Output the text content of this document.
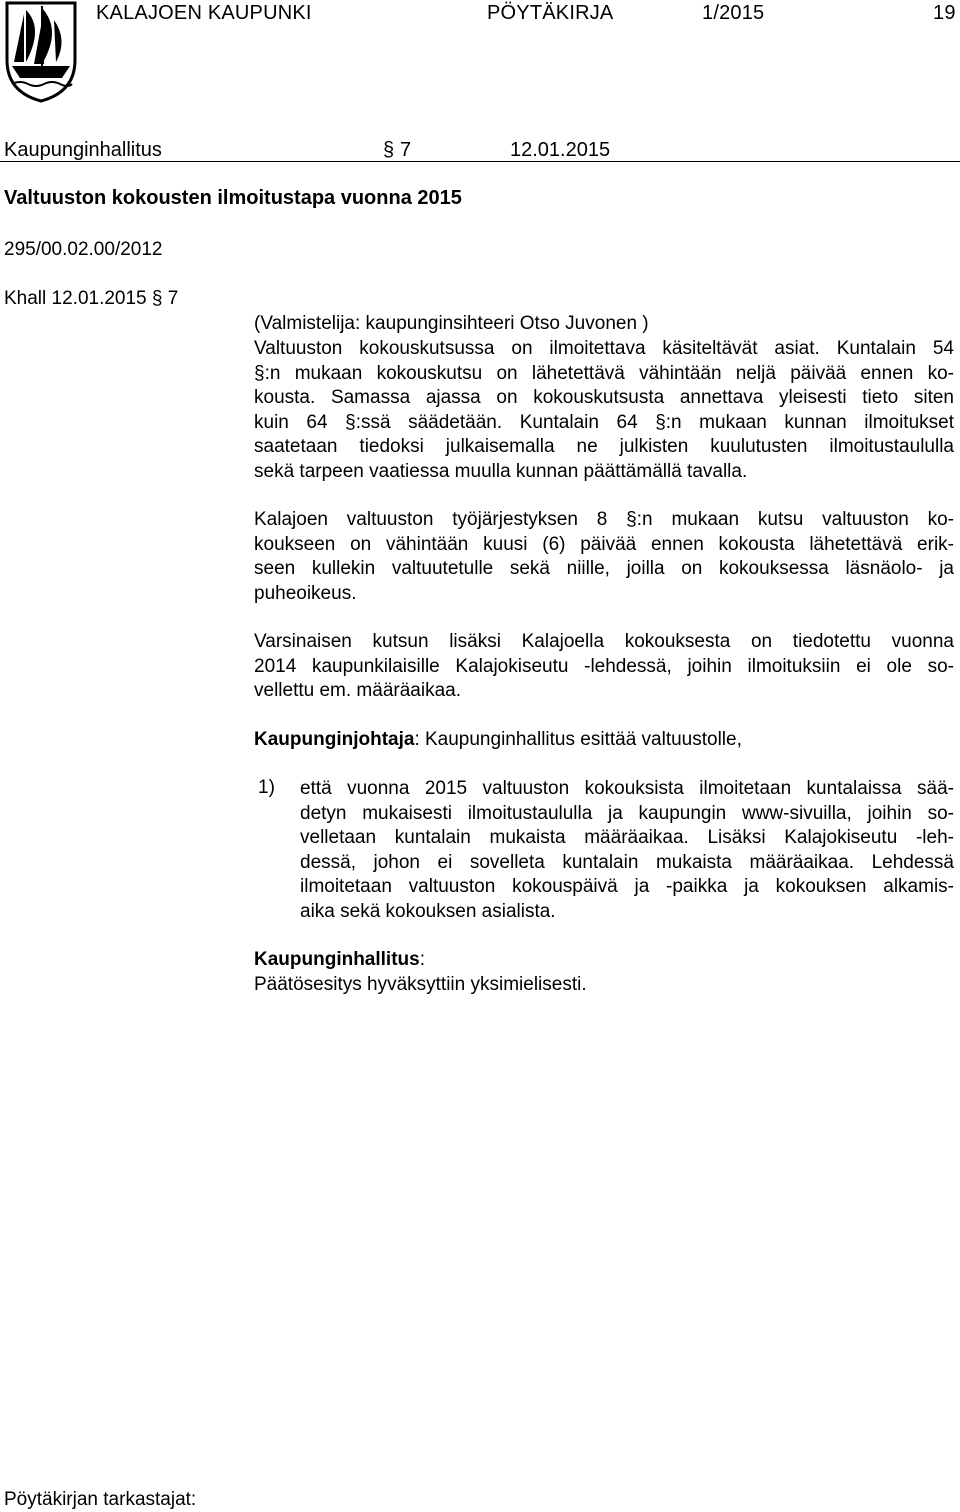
KALAJOEN KAUPUNKI	PÖYTÄKIRJA	1/2015	19
Kaupunginhallitus	§ 7	12.01.2015
Valtuuston kokousten ilmoitustapa vuonna 2015
295/00.02.00/2012
Khall 12.01.2015 § 7
(Valmistelija: kaupunginsihteeri Otso Juvonen )
Valtuuston kokouskutsussa on ilmoitettava käsiteltävät asiat. Kuntalain 54
§:n mukaan kokouskutsu on lähetettävä vähintään neljä päivää ennen ko-
kousta. Samassa ajassa on kokouskutsusta annettava yleisesti tieto siten
kuin 64 §:ssä säädetään. Kuntalain 64 §:n mukaan kunnan ilmoitukset
saatetaan tiedoksi julkaisemalla ne julkisten kuulutusten ilmoitustaululla
sekä tarpeen vaatiessa muulla kunnan päättämällä tavalla.
Kalajoen valtuuston työjärjestyksen 8 §:n mukaan kutsu valtuuston ko-
koukseen on vähintään kuusi (6) päivää ennen kokousta lähetettävä erik-
seen kullekin valtuutetulle sekä niille, joilla on kokouksessa läsnäolo- ja
puheoikeus.
Varsinaisen kutsun lisäksi Kalajoella kokouksesta on tiedotettu vuonna
2014 kaupunkilaisille Kalajokiseutu -lehdessä, joihin ilmoituksiin ei ole so-
vellettu em. määräaikaa.
Kaupunginjohtaja: Kaupunginhallitus esittää valtuustolle,
1) että vuonna 2015 valtuuston kokouksista ilmoitetaan kuntalaissa sää-
detyn mukaisesti ilmoitustaululla ja kaupungin www-sivuilla, joihin so-
velletaan kuntalain mukaista määräaikaa. Lisäksi Kalajokiseutu -leh-
dessä, johon ei sovelleta kuntalain mukaista määräaikaa. Lehdessä
ilmoitetaan valtuuston kokouspäivä ja -paikka ja kokouksen alkamis-
aika sekä kokouksen asialista.
Kaupunginhallitus:
Päätösesitys hyväksyttiin yksimielisesti.
Pöytäkirjan tarkastajat:
